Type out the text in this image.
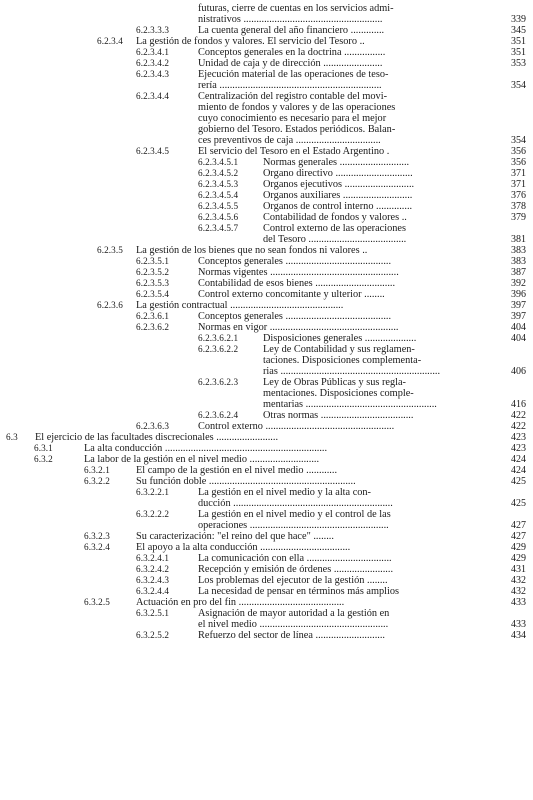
futuras, cierre de cuentas en los servicios admi-
nistrativos ......................................................	339
6.2.3.3.3	La cuenta general del año financiero .............	345
6.2.3.4 La gestión de fondos y valores. El servicio del Tesoro ..	351
6.2.3.4.1	Conceptos generales en la doctrina ................	351
6.2.3.4.2	Unidad de caja y de dirección .......................	353
6.2.3.4.3	Ejecución material de las operaciones de teso-
rería ...............................................................	354
6.2.3.4.4	Centralización del registro contable del movi-
miento de fondos y valores y de las operaciones
cuyo conocimiento es necesario para el mejor
gobierno del Tesoro. Estados periódicos. Balan-
ces preventivos de caja .................................	354
6.2.3.4.5	El servicio del Tesoro en el Estado Argentino .	356
6.2.3.4.5.1 Normas generales ...........................	356
6.2.3.4.5.2 Organo directivo ..............................	371
6.2.3.4.5.3 Organos ejecutivos ...........................	371
6.2.3.4.5.4 Organos auxiliares ...........................	376
6.2.3.4.5.5 Organos de control interno ..............	378
6.2.3.4.5.6 Contabilidad de fondos y valores ..	379
6.2.3.4.5.7 Control externo de las operaciones
del Tesoro ......................................	381
6.2.3.5 La gestión de los bienes que no sean fondos ni valores ..	383
6.2.3.5.1	Conceptos generales .........................................	383
6.2.3.5.2	Normas vigentes ..................................................	387
6.2.3.5.3	Contabilidad de esos bienes ...............................	392
6.2.3.5.4	Control externo concomitante y ulterior ........	396
6.2.3.6 La gestión contractual ............................................	397
6.2.3.6.1	Conceptos generales .........................................	397
6.2.3.6.2	Normas en vigor ..................................................	404
6.2.3.6.2.1 Disposiciones generales ....................	404
6.2.3.6.2.2 Ley de Contabilidad y sus reglamen-
taciones. Disposiciones complementa-
rias ..............................................................	406
6.2.3.6.2.3 Ley de Obras Públicas y sus regla-
mentaciones. Disposiciones comple-
mentarias ...................................................	416
6.2.3.6.2.4 Otras normas ....................................	422
6.2.3.6.3	Control externo ..................................................	422
6.3 El ejercicio de las facultades discrecionales ........................	423
6.3.1	La alta conducción ...............................................................	423
6.3.2	La labor de la gestión en el nivel medio ...........................	424
6.3.2.1	El campo de la gestión en el nivel medio ............	424
6.3.2.2	Su función doble .........................................................	425
6.3.2.2.1	La gestión en el nivel medio y la alta con-
ducción ..............................................................	425
6.3.2.2.2	La gestión en el nivel medio y el control de las
operaciones ......................................................	427
6.3.2.3	Su caracterización: "el reino del que hace" ........	427
6.3.2.4	El apoyo a la alta conducción ...................................	429
6.3.2.4.1	La comunicación con ella .................................	429
6.3.2.4.2	Recepción y emisión de órdenes .......................	431
6.3.2.4.3	Los problemas del ejecutor de la gestión ........	432
6.3.2.4.4	La necesidad de pensar en términos más amplios	432
6.3.2.5	Actuación en pro del fin .........................................	433
6.3.2.5.1	Asignación de mayor autoridad a la gestión en
el nivel medio ..................................................	433
6.3.2.5.2	Refuerzo del sector de línea ...........................	434
